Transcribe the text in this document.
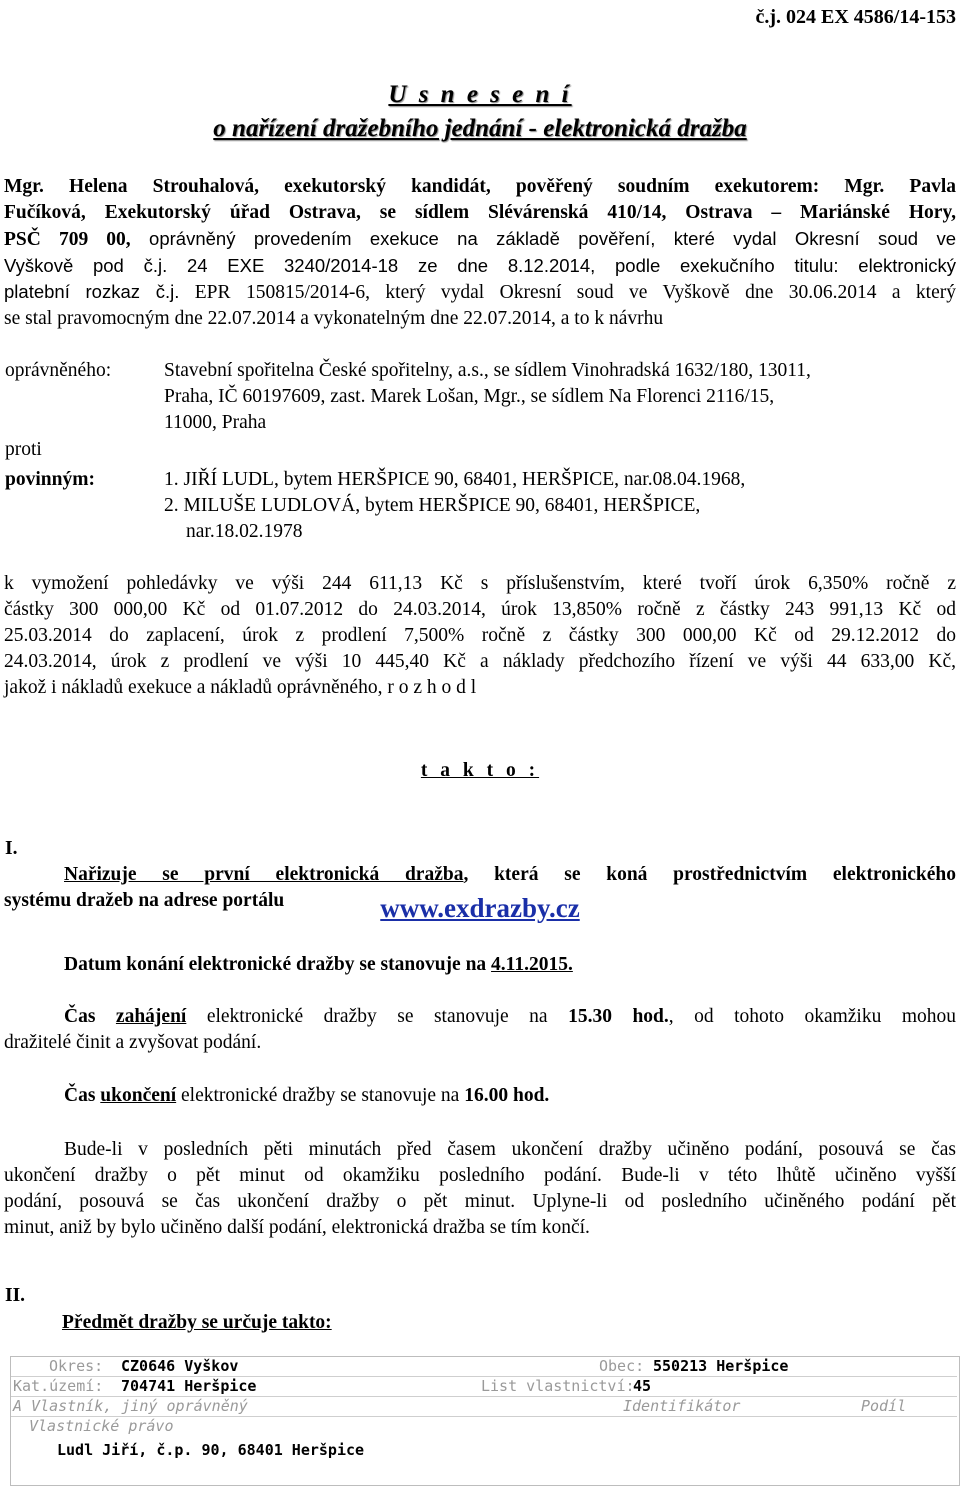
č.j. 024 EX 4586/14-153
U s n e s e n í
o nařízení dražebního jednání - elektronická dražba
Mgr. Helena Strouhalová, exekutorský kandidát, pověřený soudním exekutorem: Mgr. Pavla
Fučíková, Exekutorský úřad Ostrava, se sídlem Slévárenská 410/14, Ostrava – Mariánské Hory,
PSČ 709 00, oprávněný provedením exekuce na základě pověření, které vydal Okresní soud ve
Vyškově pod č.j. 24 EXE 3240/2014-18 ze dne 8.12.2014, podle exekučního titulu: elektronický
platební rozkaz č.j. EPR 150815/2014-6, který vydal Okresní soud ve Vyškově dne 30.06.2014 a který
se stal pravomocným dne 22.07.2014 a vykonatelným dne 22.07.2014, a to k návrhu
oprávněného:	Stavební spořitelna České spořitelny, a.s., se sídlem Vinohradská 1632/180, 13011,
Praha, IČ 60197609, zast. Marek Lošan, Mgr., se sídlem Na Florenci 2116/15,
11000, Praha
proti
povinným:	1. JIŘÍ LUDL, bytem HERŠPICE 90, 68401, HERŠPICE, nar.08.04.1968,
2. MILUŠE LUDLOVÁ, bytem HERŠPICE 90, 68401, HERŠPICE,
nar.18.02.1978
k vymožení pohledávky ve výši 244 611,13 Kč s příslušenstvím, které tvoří úrok 6,350% ročně z
částky 300 000,00 Kč od 01.07.2012 do 24.03.2014, úrok 13,850% ročně z částky 243 991,13 Kč od
25.03.2014 do zaplacení, úrok z prodlení 7,500% ročně z částky 300 000,00 Kč od 29.12.2012 do
24.03.2014, úrok z prodlení ve výši 10 445,40 Kč a náklady předchozího řízení ve výši 44 633,00 Kč,
jakož i nákladů exekuce a nákladů oprávněného, r o z h o d l
t a k t o :
I.
Nařizuje se první elektronická dražba, která se koná prostřednictvím elektronického
systému dražeb na adrese portálu	www.exdrazby.cz
Datum konání elektronické dražby se stanovuje na 4.11.2015.
Čas zahájení elektronické dražby se stanovuje na 15.30 hod., od tohoto okamžiku mohou
dražitelé činit a zvyšovat podání.
Čas ukončení elektronické dražby se stanovuje na 16.00 hod.
Bude-li v posledních pěti minutách před časem ukončení dražby učiněno podání, posouvá se čas
ukončení dražby o pět minut od okamžiku posledního podání. Bude-li v této lhůtě učiněno vyšší
podání, posouvá se čas ukončení dražby o pět minut. Uplyne-li od posledního učiněného podání pět
minut, aniž by bylo učiněno další podání, elektronická dražba se tím končí.
II.
Předmět dražby se určuje takto:
Okres: CZ0646 Vyškov	Obec: 550213 Heršpice
Kat.území: 704741 Heršpice	List vlastnictví:
45
A Vlastník, jiný oprávněný	Identifikátor	Podíl
Vlastnické právo
Ludl Jiří, č.p. 90, 68401 Heršpice
